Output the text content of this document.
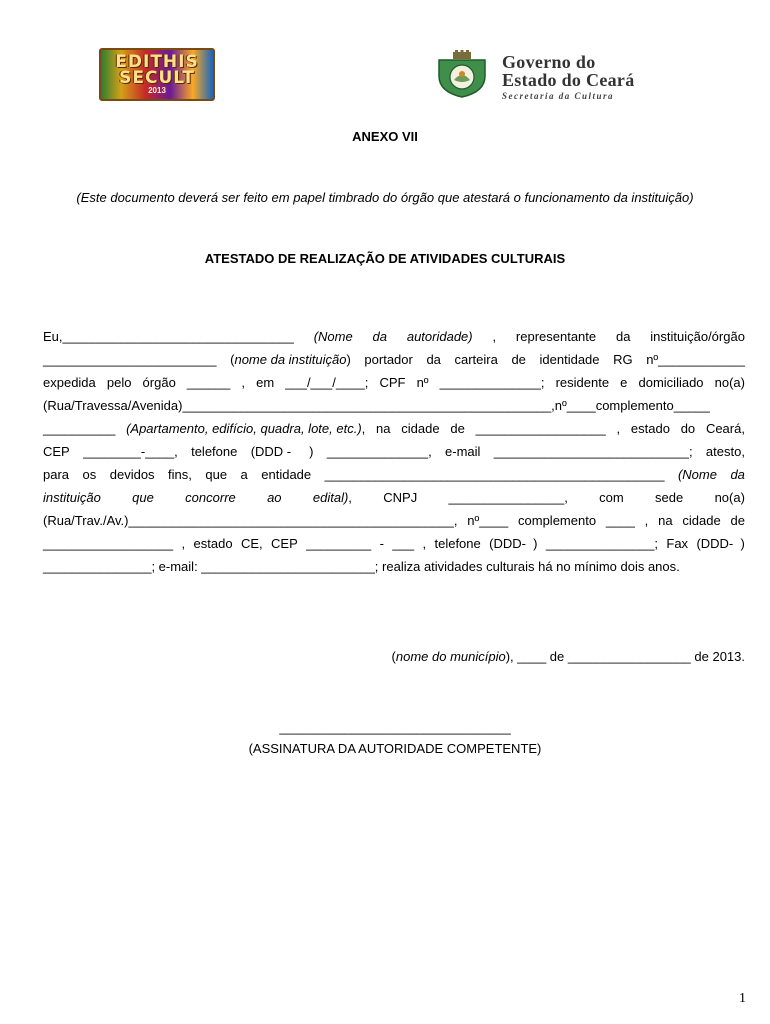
EDITHIS
SECULT
2013
Governo do
Estado do Ceará
Secretaria da Cultura
ANEXO VII
(Este documento deverá ser feito em papel timbrado do órgão que atestará o funcionamento da instituição)
ATESTADO DE REALIZAÇÃO DE ATIVIDADES CULTURAIS
Eu,________________________________ (Nome da autoridade) , representante da instituição/órgão
________________________ (nome da instituição) portador da carteira de identidade RG nº____________
expedida pelo órgão ______ , em ___/___/____; CPF nº ______________; residente e domiciliado no(a)
(Rua/Travessa/Avenida)___________________________________________________,nº____complemento_____
__________ (Apartamento, edifício, quadra, lote, etc.), na cidade de __________________ , estado do Ceará,
CEP ________-____, telefone (DDD -     ) ______________, e-mail ___________________________; atesto,
para os devidos fins, que a entidade _______________________________________________ (Nome da
instituição que concorre ao edital), CNPJ ________________, com sede no(a)
(Rua/Trav./Av.)_____________________________________________, nº____ complemento ____ , na cidade de
__________________ , estado CE, CEP _________ - ___ , telefone (DDD-  ) _______________; Fax (DDD-  )
_______________; e-mail: ________________________; realiza atividades culturais há no mínimo dois anos.
(nome do município), ____ de _________________ de 2013.
________________________________
(ASSINATURA DA AUTORIDADE COMPETENTE)
1
